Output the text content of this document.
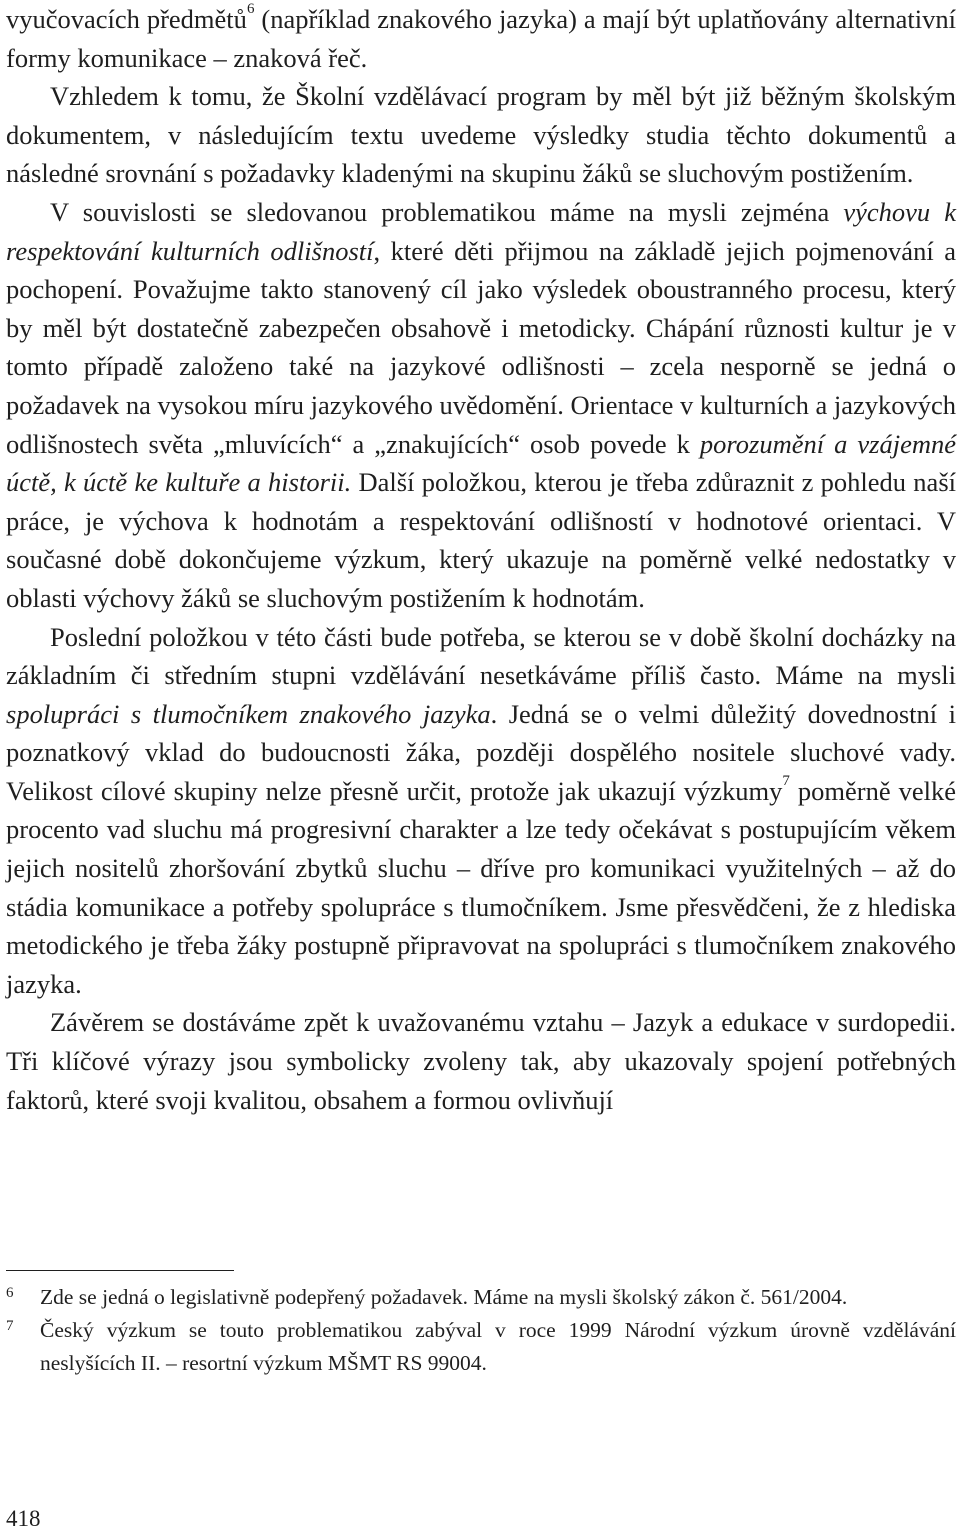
vyučovacích předmětů$^6$ (například znakového jazyka) a mají být uplatňovány alternativní formy komunikace – znaková řeč.

Vzhledem k tomu, že Školní vzdělávací program by měl být již běžným školským dokumentem, v následujícím textu uvedeme výsledky studia těchto dokumentů a následné srovnání s požadavky kladenými na skupinu žáků se sluchovým postižením.

V souvislosti se sledovanou problematikou máme na mysli zejména výchovu k respektování kulturních odlišností, které děti přijmou na základě jejich pojmenování a pochopení. Považujme takto stanovený cíl jako výsledek oboustranného procesu, který by měl být dostatečně zabezpečen obsahově i metodicky. Chápání různosti kultur je v tomto případě založeno také na jazykové odlišnosti – zcela nesporně se jedná o požadavek na vysokou míru jazykového uvědomění. Orientace v kulturních a jazykových odlišnostech světa „mluvících“ a „znakujících“ osob povede k porozumění a vzájemné úctě, k úctě ke kultuře a historii. Další položkou, kterou je třeba zdůraznit z pohledu naší práce, je výchova k hodnotám a respektování odlišností v hodnotové orientaci. V současné době dokončujeme výzkum, který ukazuje na poměrně velké nedostatky v oblasti výchovy žáků se sluchovým postižením k hodnotám.

Poslední položkou v této části bude potřeba, se kterou se v době školní docházky na základním či středním stupni vzdělávání nesetkáváme příliš často. Máme na mysli spolupráci s tlumočníkem znakového jazyka. Jedná se o velmi důležitý dovednostní i poznatkový vklad do budoucnosti žáka, později dospělého nositele sluchové vady. Velikost cílové skupiny nelze přesně určit, protože jak ukazují výzkumy$^7$ poměrně velké procento vad sluchu má progresivní charakter a lze tedy očekávat s postupujícím věkem jejich nositelů zhoršování zbytků sluchu – dříve pro komunikaci využitelných – až do stádia komunikace a potřeby spolupráce s tlumočníkem. Jsme přesvědčeni, že z hlediska metodického je třeba žáky postupně připravovat na spolupráci s tlumočníkem znakového jazyka.

Závěrem se dostáváme zpět k uvažovanému vztahu – Jazyk a edukace v surdopedii. Tři klíčové výrazy jsou symbolicky zvoleny tak, aby ukazovaly spojení potřebných faktorů, které svoji kvalitou, obsahem a formou ovlivňují

6	Zde se jedná o legislativně podepřený požadavek. Máme na mysli školský zákon č. 561/2004.
7	Český výzkum se touto problematikou zabýval v roce 1999 Národní výzkum úrovně vzdělávání neslyšících II. – resortní výzkum MŠMT RS 99004.
418
